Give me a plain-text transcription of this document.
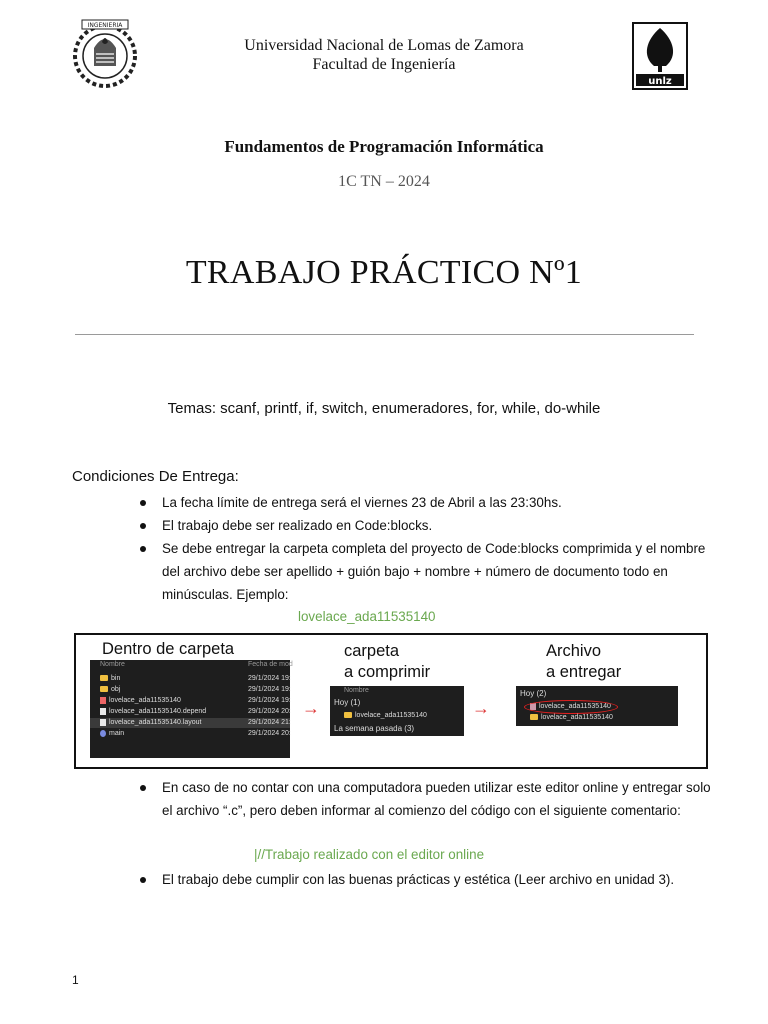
INGENIERIA
Universidad Nacional de Lomas de Zamora
Facultad de Ingeniería
unlz
Fundamentos de Programación Informática
1C TN – 2024
TRABAJO PRÁCTICO Nº1
Temas: scanf, printf, if, switch, enumeradores, for, while, do-while
Condiciones De Entrega:
La fecha límite de entrega será el viernes 23 de Abril a las 23:30hs.
El trabajo debe ser realizado en Code:blocks.
Se debe entregar la carpeta completa del proyecto de Code:blocks comprimida y el nombre del archivo debe ser apellido + guión bajo + nombre + número de documento todo en minúsculas. Ejemplo:
lovelace_ada11535140
Dentro de carpeta
Nombre	Fecha de mod
bin	29/1/2024 19:
obj	29/1/2024 19:
lovelace_ada11535140	29/1/2024 19:
lovelace_ada11535140.depend	29/1/2024 20:
lovelace_ada11535140.layout	29/1/2024 21:
main	29/1/2024 20:
→
carpeta
a comprimir
Nombre
Hoy (1)
lovelace_ada11535140
La semana pasada (3)
→
Archivo
a entregar
Hoy (2)
lovelace_ada11535140
lovelace_ada11535140
En caso de no contar con una computadora pueden utilizar este editor online y entregar solo el archivo “.c”, pero deben informar al comienzo del código con el siguiente comentario:
|//Trabajo realizado con el editor online
El trabajo debe cumplir con las buenas prácticas y estética (Leer archivo en unidad 3).
1
